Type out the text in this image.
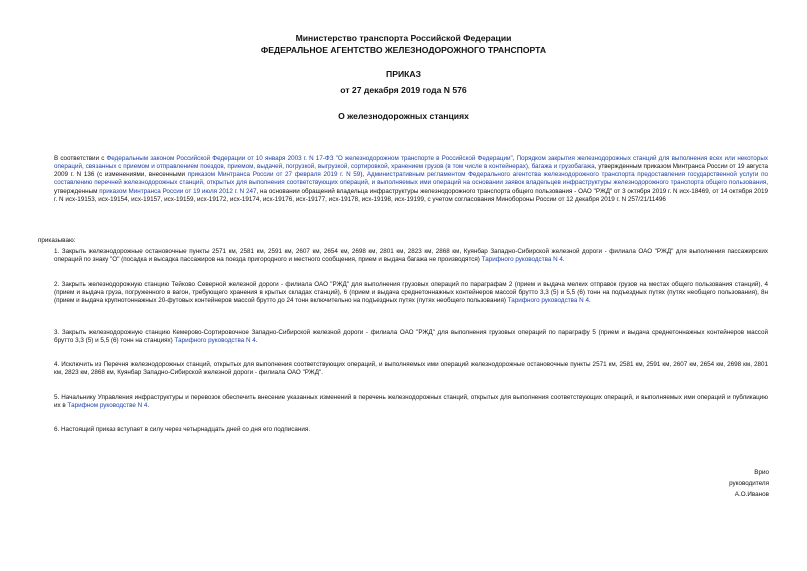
Министерство транспорта Российской Федерации
ФЕДЕРАЛЬНОЕ АГЕНТСТВО ЖЕЛЕЗНОДОРОЖНОГО ТРАНСПОРТА
ПРИКАЗ
от 27 декабря 2019 года N 576
О железнодорожных станциях
В соответствии с Федеральным законом Российской Федерации от 10 января 2003 г. N 17-ФЗ "О железнодорожном транспорте в Российской Федерации", Порядком закрытия железнодорожных станций для выполнения всех или некоторых операций, связанных с приемом и отправлением поездов, приемом, выдачей, погрузкой, выгрузкой, сортировкой, хранением грузов (в том числе в контейнерах), багажа и грузобагажа, утвержденным приказом Минтранса России от 19 августа 2009 г. N 136 (с изменениями, внесенными приказом Минтранса России от 27 февраля 2019 г. N 59), Административным регламентом Федерального агентства железнодорожного транспорта предоставления государственной услуги по составлению перечней железнодорожных станций, открытых для выполнения соответствующих операций, и выполняемых ими операций на основании заявок владельцев инфраструктуры железнодорожного транспорта общего пользования, утвержденным приказом Минтранса России от 19 июля 2012 г. N 247, на основании обращений владельца инфраструктуры железнодорожного транспорта общего пользования - ОАО "РЖД" от 3 октября 2019 г. N исх-18469, от 14 октября 2019 г. N исх-19153, исх-19154, исх-19157, исх-19159, исх-19172, исх-19174, исх-19176, исх-19177, исх-19178, исх-19198, исх-19199, с учетом согласования Минобороны России от 12 декабря 2019 г. N 257/21/11496
приказываю:
1. Закрыть железнодорожные остановочные пункты 2571 км, 2581 км, 2591 км, 2607 км, 2654 км, 2698 км, 2801 км, 2823 км, 2868 км, Куянбар Западно-Сибирской железной дороги - филиала ОАО "РЖД" для выполнения пассажирских операций по знаку "О" (посадка и высадка пассажиров на поезда пригородного и местного сообщения, прием и выдача багажа не производятся) Тарифного руководства N 4.
2. Закрыть железнодорожную станцию Тейково Северной железной дороги - филиала ОАО "РЖД" для выполнения грузовых операций по параграфам 2 (прием и выдача мелких отправок грузов на местах общего пользования станций), 4 (прием и выдача груза, погруженного в вагон, требующего хранения в крытых складах станций), 6 (прием и выдача среднетоннажных контейнеров массой брутто 3,3 (5) и 5,5 (6) тонн на подъездных путях (путях необщего пользования), 8н (прием и выдача крупнотоннажных 20-футовых контейнеров массой брутто до 24 тонн включительно на подъездных путях (путях необщего пользования) Тарифного руководства N 4.
3. Закрыть железнодорожную станцию Кемерово-Сортировочное Западно-Сибирской железной дороги - филиала ОАО "РЖД" для выполнения грузовых операций по параграфу 5 (прием и выдача среднетоннажных контейнеров массой брутто 3,3 (5) и 5,5 (6) тонн на станциях) Тарифного руководства N 4.
4. Исключить из Перечня железнодорожных станций, открытых для выполнения соответствующих операций, и выполняемых ими операций железнодорожные остановочные пункты 2571 км, 2581 км, 2591 км, 2607 км, 2654 км, 2698 км, 2801 км, 2823 км, 2868 км, Куянбар Западно-Сибирской железной дороги - филиала ОАО "РЖД".
5. Начальнику Управления инфраструктуры и перевозок обеспечить внесение указанных изменений в перечень железнодорожных станций, открытых для выполнения соответствующих операций, и выполняемых ими операций и публикацию их в Тарифном руководстве N 4.
6. Настоящий приказ вступает в силу через четырнадцать дней со дня его подписания.
Врио
руководителя
А.О.Иванов
